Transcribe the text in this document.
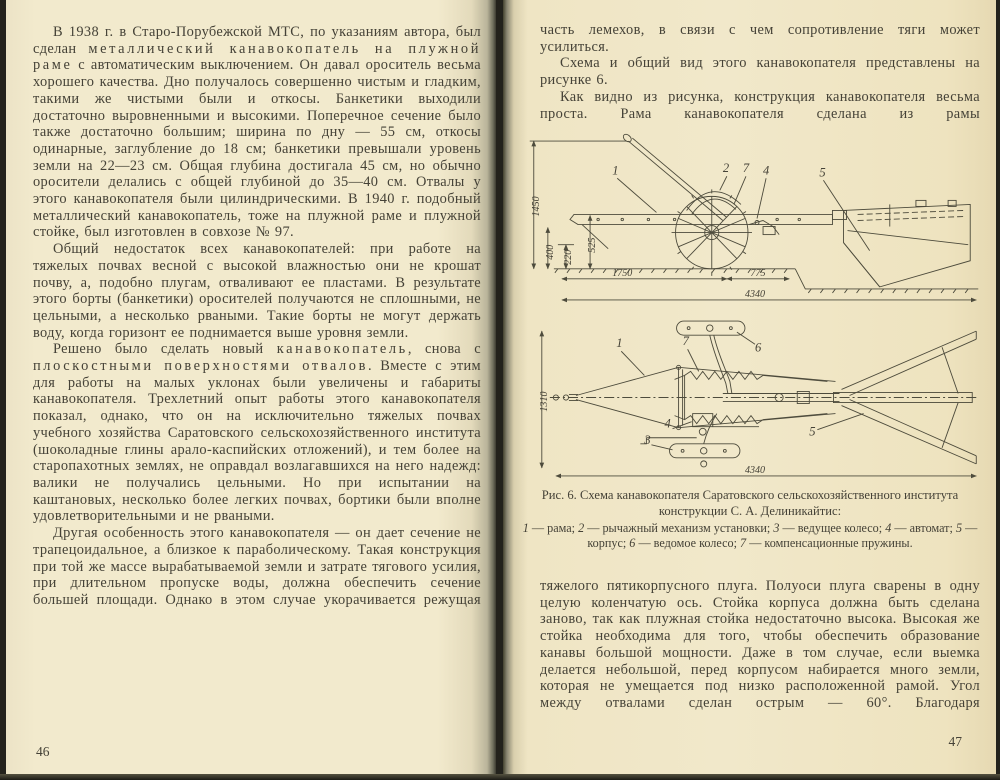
В 1938 г. в Старо-Порубежской МТС, по указаниям автора, был сделан металлический канавокопатель на плужной раме с автоматическим выключением. Он давал ороситель весьма хорошего качества. Дно получалось совершенно чистым и гладким, такими же чистыми были и откосы. Банкетики выходили достаточно выровненными и высокими. Поперечное сечение было также достаточно большим; ширина по дну — 55 см, откосы одинарные, заглубление до 18 см; банкетики превышали уровень земли на 22—23 см. Общая глубина достигала 45 см, но обычно оросители делались с общей глубиной до 35—40 см. Отвалы у этого канавокопателя были цилиндрическими. В 1940 г. подобный металлический канавокопатель, тоже на плужной раме и плужной стойке, был изготовлен в совхозе № 97.

Общий недостаток всех канавокопателей: при работе на тяжелых почвах весной с высокой влажностью они не крошат почву, а, подобно плугам, отваливают ее пластами. В результате этого борты (банкетики) оросителей получаются не сплошными, не цельными, а несколько рваными. Такие борты не могут держать воду, когда горизонт ее поднимается выше уровня земли.

Решено было сделать новый канавокопатель, снова с плоскостными поверхностями отвалов. Вместе с этим для работы на малых уклонах были увеличены и габариты канавокопателя. Трехлетний опыт работы этого канавокопателя показал, однако, что он на исключительно тяжелых почвах учебного хозяйства Саратовского сельскохозяйственного института (шоколадные глины арало-каспийских отложений), и тем более на старопахотных землях, не оправдал возлагавшихся на него надежд: валики не получались цельными. Но при испытании на каштановых, несколько более легких почвах, бортики были вполне удовлетворительными и не рваными.

Другая особенность этого канавокопателя — он дает сечение не трапецоидальное, а близкое к параболическому. Такая конструкция при той же массе вырабатываемой земли и затрате тягового усилия, при длительном пропуске воды, должна обеспечить сечение большей площади. Однако в этом случае укорачивается режущая

46

часть лемехов, в связи с чем сопротивление тяги может усилиться.

Схема и общий вид этого канавокопателя представлены на рисунке 6.

Как видно из рисунка, конструкция канавокопателя весьма проста. Рама канавокопателя сделана из рамы

1450
400 220
525
1750	775
4340
1	2 7 4	5
1310
1	7	6
4
3
5
4340

Рис. 6. Схема канавокопателя Саратовского сельскохозяйственного института конструкции С. А. Делиникайтис:

1 — рама; 2 — рычажный механизм установки; 3 — ведущее колесо; 4 — автомат; 5 — корпус; 6 — ведомое колесо; 7 — компенсационные пружины.

тяжелого пятикорпусного плуга. Полуоси плуга сварены в одну целую коленчатую ось. Стойка корпуса должна быть сделана заново, так как плужная стойка недостаточно высока. Высокая же стойка необходима для того, чтобы обеспечить образование канавы большой мощности. Даже в том случае, если выемка делается небольшой, перед корпусом набирается много земли, которая не умещается под низко расположенной рамой. Угол между отвалами сделан острым — 60°. Благодаря

47
